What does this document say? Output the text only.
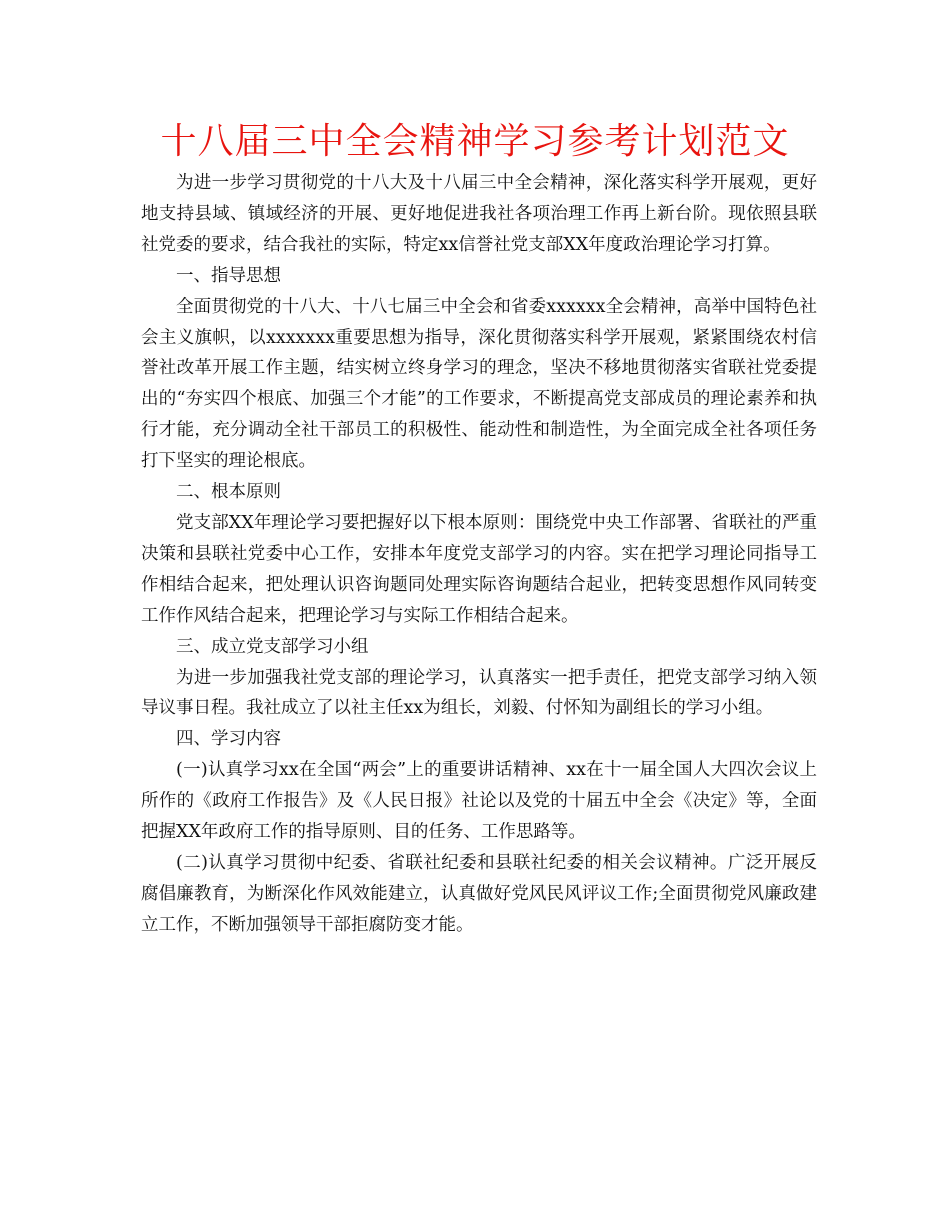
十八届三中全会精神学习参考计划范文

为进一步学习贯彻党的十八大及十八届三中全会精神，深化落实科学开展观，更好地支持县域、镇域经济的开展、更好地促进我社各项治理工作再上新台阶。现依照县联社党委的要求，结合我社的实际，特定xx信誉社党支部XX年度政治理论学习打算。

一、指导思想

全面贯彻党的十八大、十八七届三中全会和省委xxxxxx全会精神，高举中国特色社会主义旗帜，以xxxxxxx重要思想为指导，深化贯彻落实科学开展观，紧紧围绕农村信誉社改革开展工作主题，结实树立终身学习的理念，坚决不移地贯彻落实省联社党委提出的“夯实四个根底、加强三个才能”的工作要求，不断提高党支部成员的理论素养和执行才能，充分调动全社干部员工的积极性、能动性和制造性，为全面完成全社各项任务打下坚实的理论根底。

二、根本原则

党支部XX年理论学习要把握好以下根本原则：围绕党中央工作部署、省联社的严重决策和县联社党委中心工作，安排本年度党支部学习的内容。实在把学习理论同指导工作相结合起来，把处理认识咨询题同处理实际咨询题结合起业，把转变思想作风同转变工作作风结合起来，把理论学习与实际工作相结合起来。

三、成立党支部学习小组

为进一步加强我社党支部的理论学习，认真落实一把手责任，把党支部学习纳入领导议事日程。我社成立了以社主任xx为组长，刘毅、付怀知为副组长的学习小组。

四、学习内容

(一)认真学习xx在全国“两会”上的重要讲话精神、xx在十一届全国人大四次会议上所作的《政府工作报告》及《人民日报》社论以及党的十届五中全会《决定》等，全面把握XX年政府工作的指导原则、目的任务、工作思路等。

(二)认真学习贯彻中纪委、省联社纪委和县联社纪委的相关会议精神。广泛开展反腐倡廉教育，为断深化作风效能建立，认真做好党风民风评议工作;全面贯彻党风廉政建立工作，不断加强领导干部拒腐防变才能。
